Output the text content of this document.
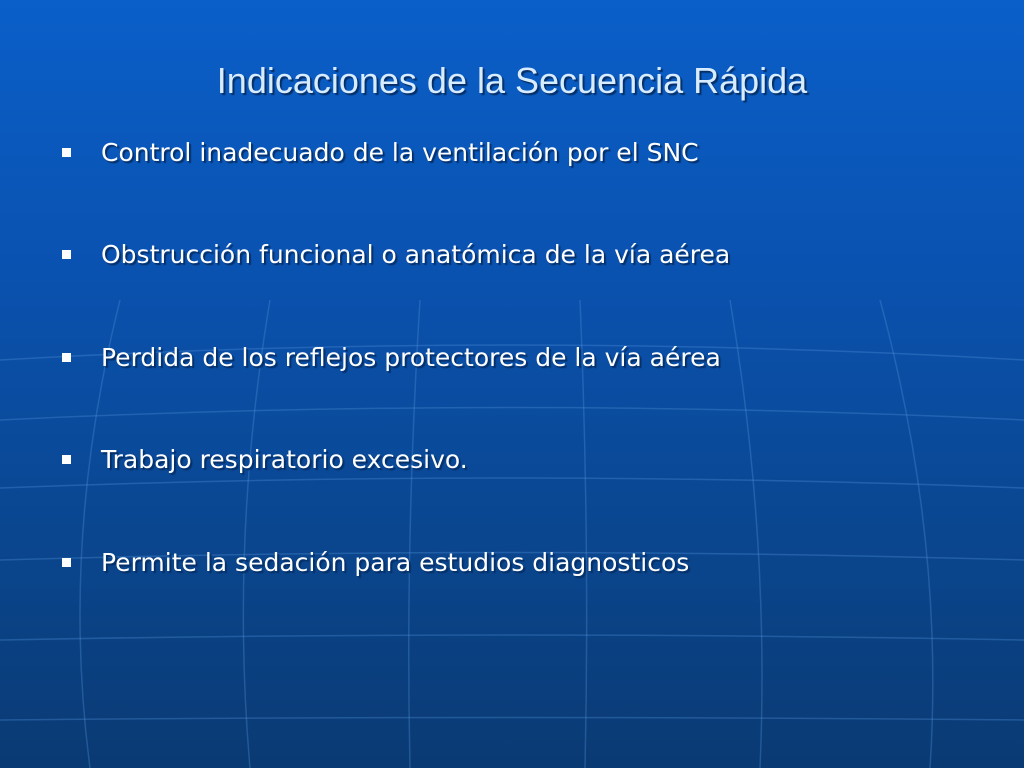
Indicaciones de la Secuencia Rápida
Control inadecuado de la ventilación por el SNC
Obstrucción funcional o anatómica de la vía aérea
Perdida de los reflejos protectores de la vía aérea
Trabajo respiratorio excesivo.
Permite la sedación para estudios diagnosticos
